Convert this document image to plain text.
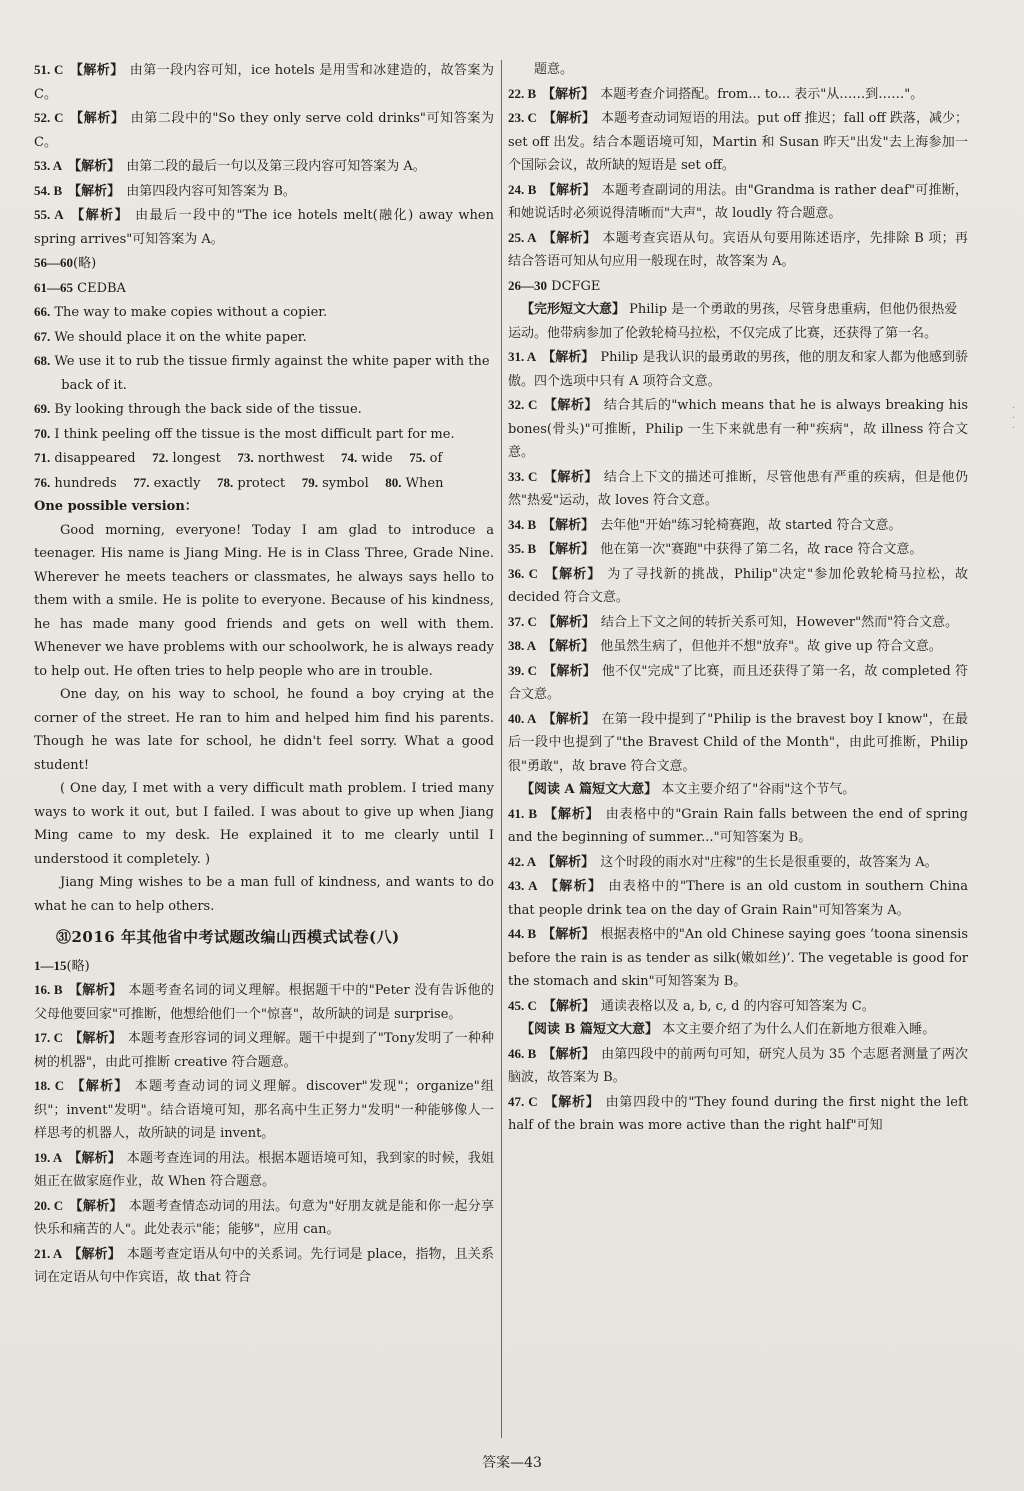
51. C 【解析】 由第一段内容可知，ice hotels 是用雪和冰建造的，故答案为 C。
52. C 【解析】 由第二段中的"So they only serve cold drinks"可知答案为 C。
53. A 【解析】 由第二段的最后一句以及第三段内容可知答案为 A。
54. B 【解析】 由第四段内容可知答案为 B。
55. A 【解析】 由最后一段中的"The ice hotels melt(融化) away when spring arrives"可知答案为 A。
56—60(略)
61—65 CEDBA
66. The way to make copies without a copier.
67. We should place it on the white paper.
68. We use it to rub the tissue firmly against the white paper with the back of it.
69. By looking through the back side of the tissue.
70. I think peeling off the tissue is the most difficult part for me.
71. disappeared 72. longest 73. northwest 74. wide 75. of
76. hundreds 77. exactly 78. protect 79. symbol 80. When
One possible version：
Good morning, everyone! Today I am glad to introduce a teenager. His name is Jiang Ming. He is in Class Three, Grade Nine. Wherever he meets teachers or classmates, he always says hello to them with a smile. He is polite to everyone. Because of his kindness, he has made many good friends and gets on well with them. Whenever we have problems with our schoolwork, he is always ready to help out. He often tries to help people who are in trouble.
One day, on his way to school, he found a boy crying at the corner of the street. He ran to him and helped him find his parents. Though he was late for school, he didn't feel sorry. What a good student!
( One day, I met with a very difficult math problem. I tried many ways to work it out, but I failed. I was about to give up when Jiang Ming came to my desk. He explained it to me clearly until I understood it completely. )
Jiang Ming wishes to be a man full of kindness, and wants to do what he can to help others.
㉛2016 年其他省中考试题改编山西模式试卷(八)
1—15(略)
16. B 【解析】 本题考查名词的词义理解。根据题干中的"Peter 没有告诉他的父母他要回家"可推断，他想给他们一个"惊喜"，故所缺的词是 surprise。
17. C 【解析】 本题考查形容词的词义理解。题干中提到了"Tony发明了一种种树的机器"，由此可推断 creative 符合题意。
18. C 【解析】 本题考查动词的词义理解。discover"发现"；organize"组织"；invent"发明"。结合语境可知，那名高中生正努力"发明"一种能够像人一样思考的机器人，故所缺的词是 invent。
19. A 【解析】 本题考查连词的用法。根据本题语境可知，我到家的时候，我姐姐正在做家庭作业，故 When 符合题意。
20. C 【解析】 本题考查情态动词的用法。句意为"好朋友就是能和你一起分享快乐和痛苦的人"。此处表示"能；能够"，应用 can。
21. A 【解析】 本题考查定语从句中的关系词。先行词是 place，指物，且关系词在定语从句中作宾语，故 that 符合
题意。
22. B 【解析】 本题考查介词搭配。from... to... 表示"从……到……"。
23. C 【解析】 本题考查动词短语的用法。put off 推迟；fall off 跌落，减少；set off 出发。结合本题语境可知，Martin 和 Susan 昨天"出发"去上海参加一个国际会议，故所缺的短语是 set off。
24. B 【解析】 本题考查副词的用法。由"Grandma is rather deaf"可推断，和她说话时必须说得清晰而"大声"，故 loudly 符合题意。
25. A 【解析】 本题考查宾语从句。宾语从句要用陈述语序，先排除 B 项；再结合答语可知从句应用一般现在时，故答案为 A。
26—30 DCFGE
【完形短文大意】 Philip 是一个勇敢的男孩，尽管身患重病，但他仍很热爱运动。他带病参加了伦敦轮椅马拉松，不仅完成了比赛，还获得了第一名。
31. A 【解析】 Philip 是我认识的最勇敢的男孩，他的朋友和家人都为他感到骄傲。四个选项中只有 A 项符合文意。
32. C 【解析】 结合其后的"which means that he is always breaking his bones(骨头)"可推断，Philip 一生下来就患有一种"疾病"，故 illness 符合文意。
33. C 【解析】 结合上下文的描述可推断，尽管他患有严重的疾病，但是他仍然"热爱"运动，故 loves 符合文意。
34. B 【解析】 去年他"开始"练习轮椅赛跑，故 started 符合文意。
35. B 【解析】 他在第一次"赛跑"中获得了第二名，故 race 符合文意。
36. C 【解析】 为了寻找新的挑战，Philip"决定"参加伦敦轮椅马拉松，故 decided 符合文意。
37. C 【解析】 结合上下文之间的转折关系可知，However"然而"符合文意。
38. A 【解析】 他虽然生病了，但他并不想"放弃"。故 give up 符合文意。
39. C 【解析】 他不仅"完成"了比赛，而且还获得了第一名，故 completed 符合文意。
40. A 【解析】 在第一段中提到了"Philip is the bravest boy I know"，在最后一段中也提到了"the Bravest Child of the Month"，由此可推断，Philip 很"勇敢"，故 brave 符合文意。
【阅读 A 篇短文大意】 本文主要介绍了"谷雨"这个节气。
41. B 【解析】 由表格中的"Grain Rain falls between the end of spring and the beginning of summer..."可知答案为 B。
42. A 【解析】 这个时段的雨水对"庄稼"的生长是很重要的，故答案为 A。
43. A 【解析】 由表格中的"There is an old custom in southern China that people drink tea on the day of Grain Rain"可知答案为 A。
44. B 【解析】 根据表格中的"An old Chinese saying goes ‘toona sinensis before the rain is as tender as silk(嫩如丝)’. The vegetable is good for the stomach and skin"可知答案为 B。
45. C 【解析】 通读表格以及 a, b, c, d 的内容可知答案为 C。
【阅读 B 篇短文大意】 本文主要介绍了为什么人们在新地方很难入睡。
46. B 【解析】 由第四段中的前两句可知，研究人员为 35 个志愿者测量了两次脑波，故答案为 B。
47. C 【解析】 由第四段中的"They found during the first night the left half of the brain was more active than the right half"可知
·
·
·
答案—43
